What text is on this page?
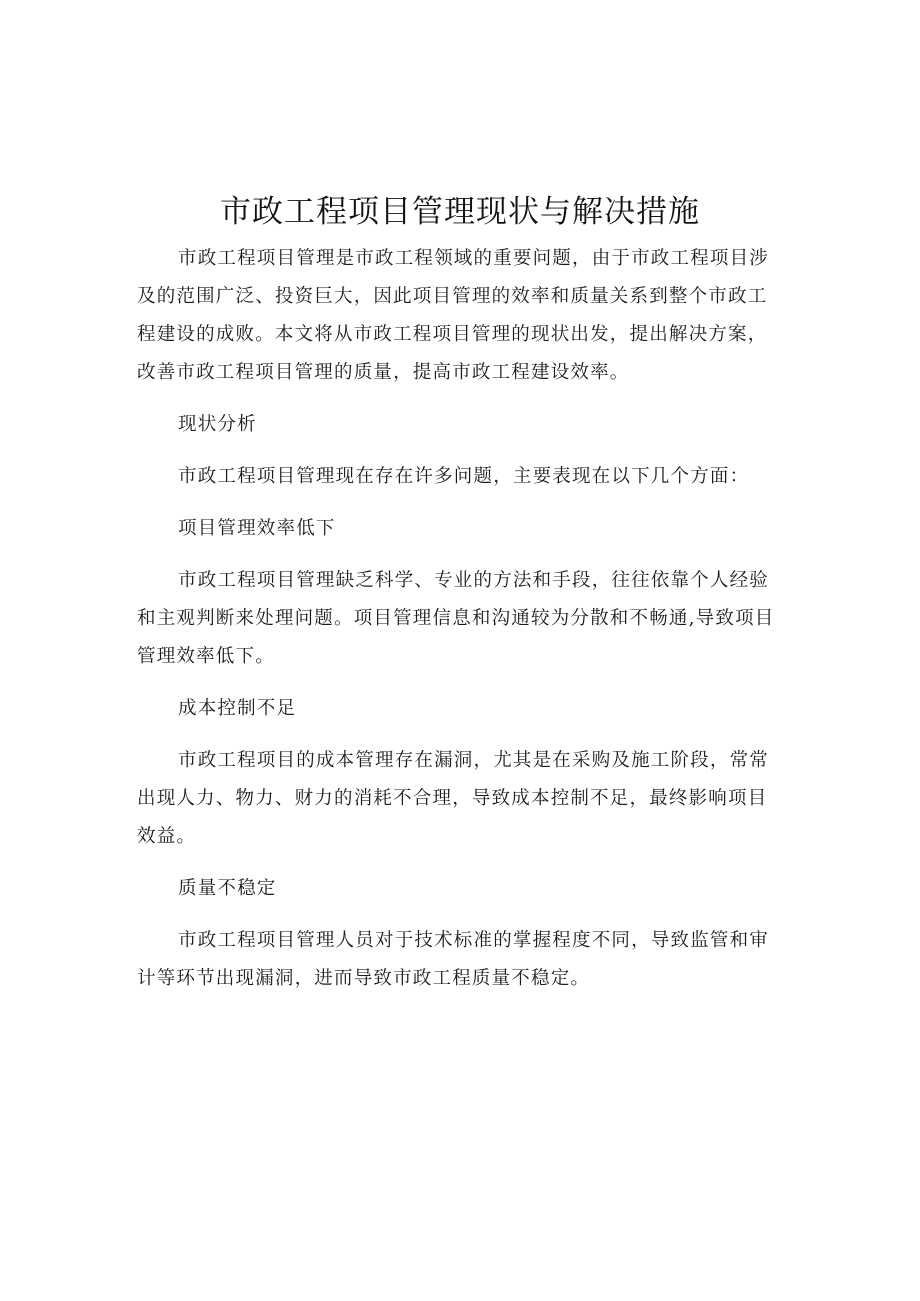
市政工程项目管理现状与解决措施

市政工程项目管理是市政工程领域的重要问题，由于市政工程项目涉及的范围广泛、投资巨大，因此项目管理的效率和质量关系到整个市政工程建设的成败。本文将从市政工程项目管理的现状出发，提出解决方案，改善市政工程项目管理的质量，提高市政工程建设效率。

现状分析

市政工程项目管理现在存在许多问题，主要表现在以下几个方面：

项目管理效率低下

市政工程项目管理缺乏科学、专业的方法和手段，往往依靠个人经验和主观判断来处理问题。项目管理信息和沟通较为分散和不畅通,导致项目管理效率低下。

成本控制不足

市政工程项目的成本管理存在漏洞，尤其是在采购及施工阶段，常常出现人力、物力、财力的消耗不合理，导致成本控制不足，最终影响项目效益。

质量不稳定

市政工程项目管理人员对于技术标准的掌握程度不同，导致监管和审计等环节出现漏洞，进而导致市政工程质量不稳定。
